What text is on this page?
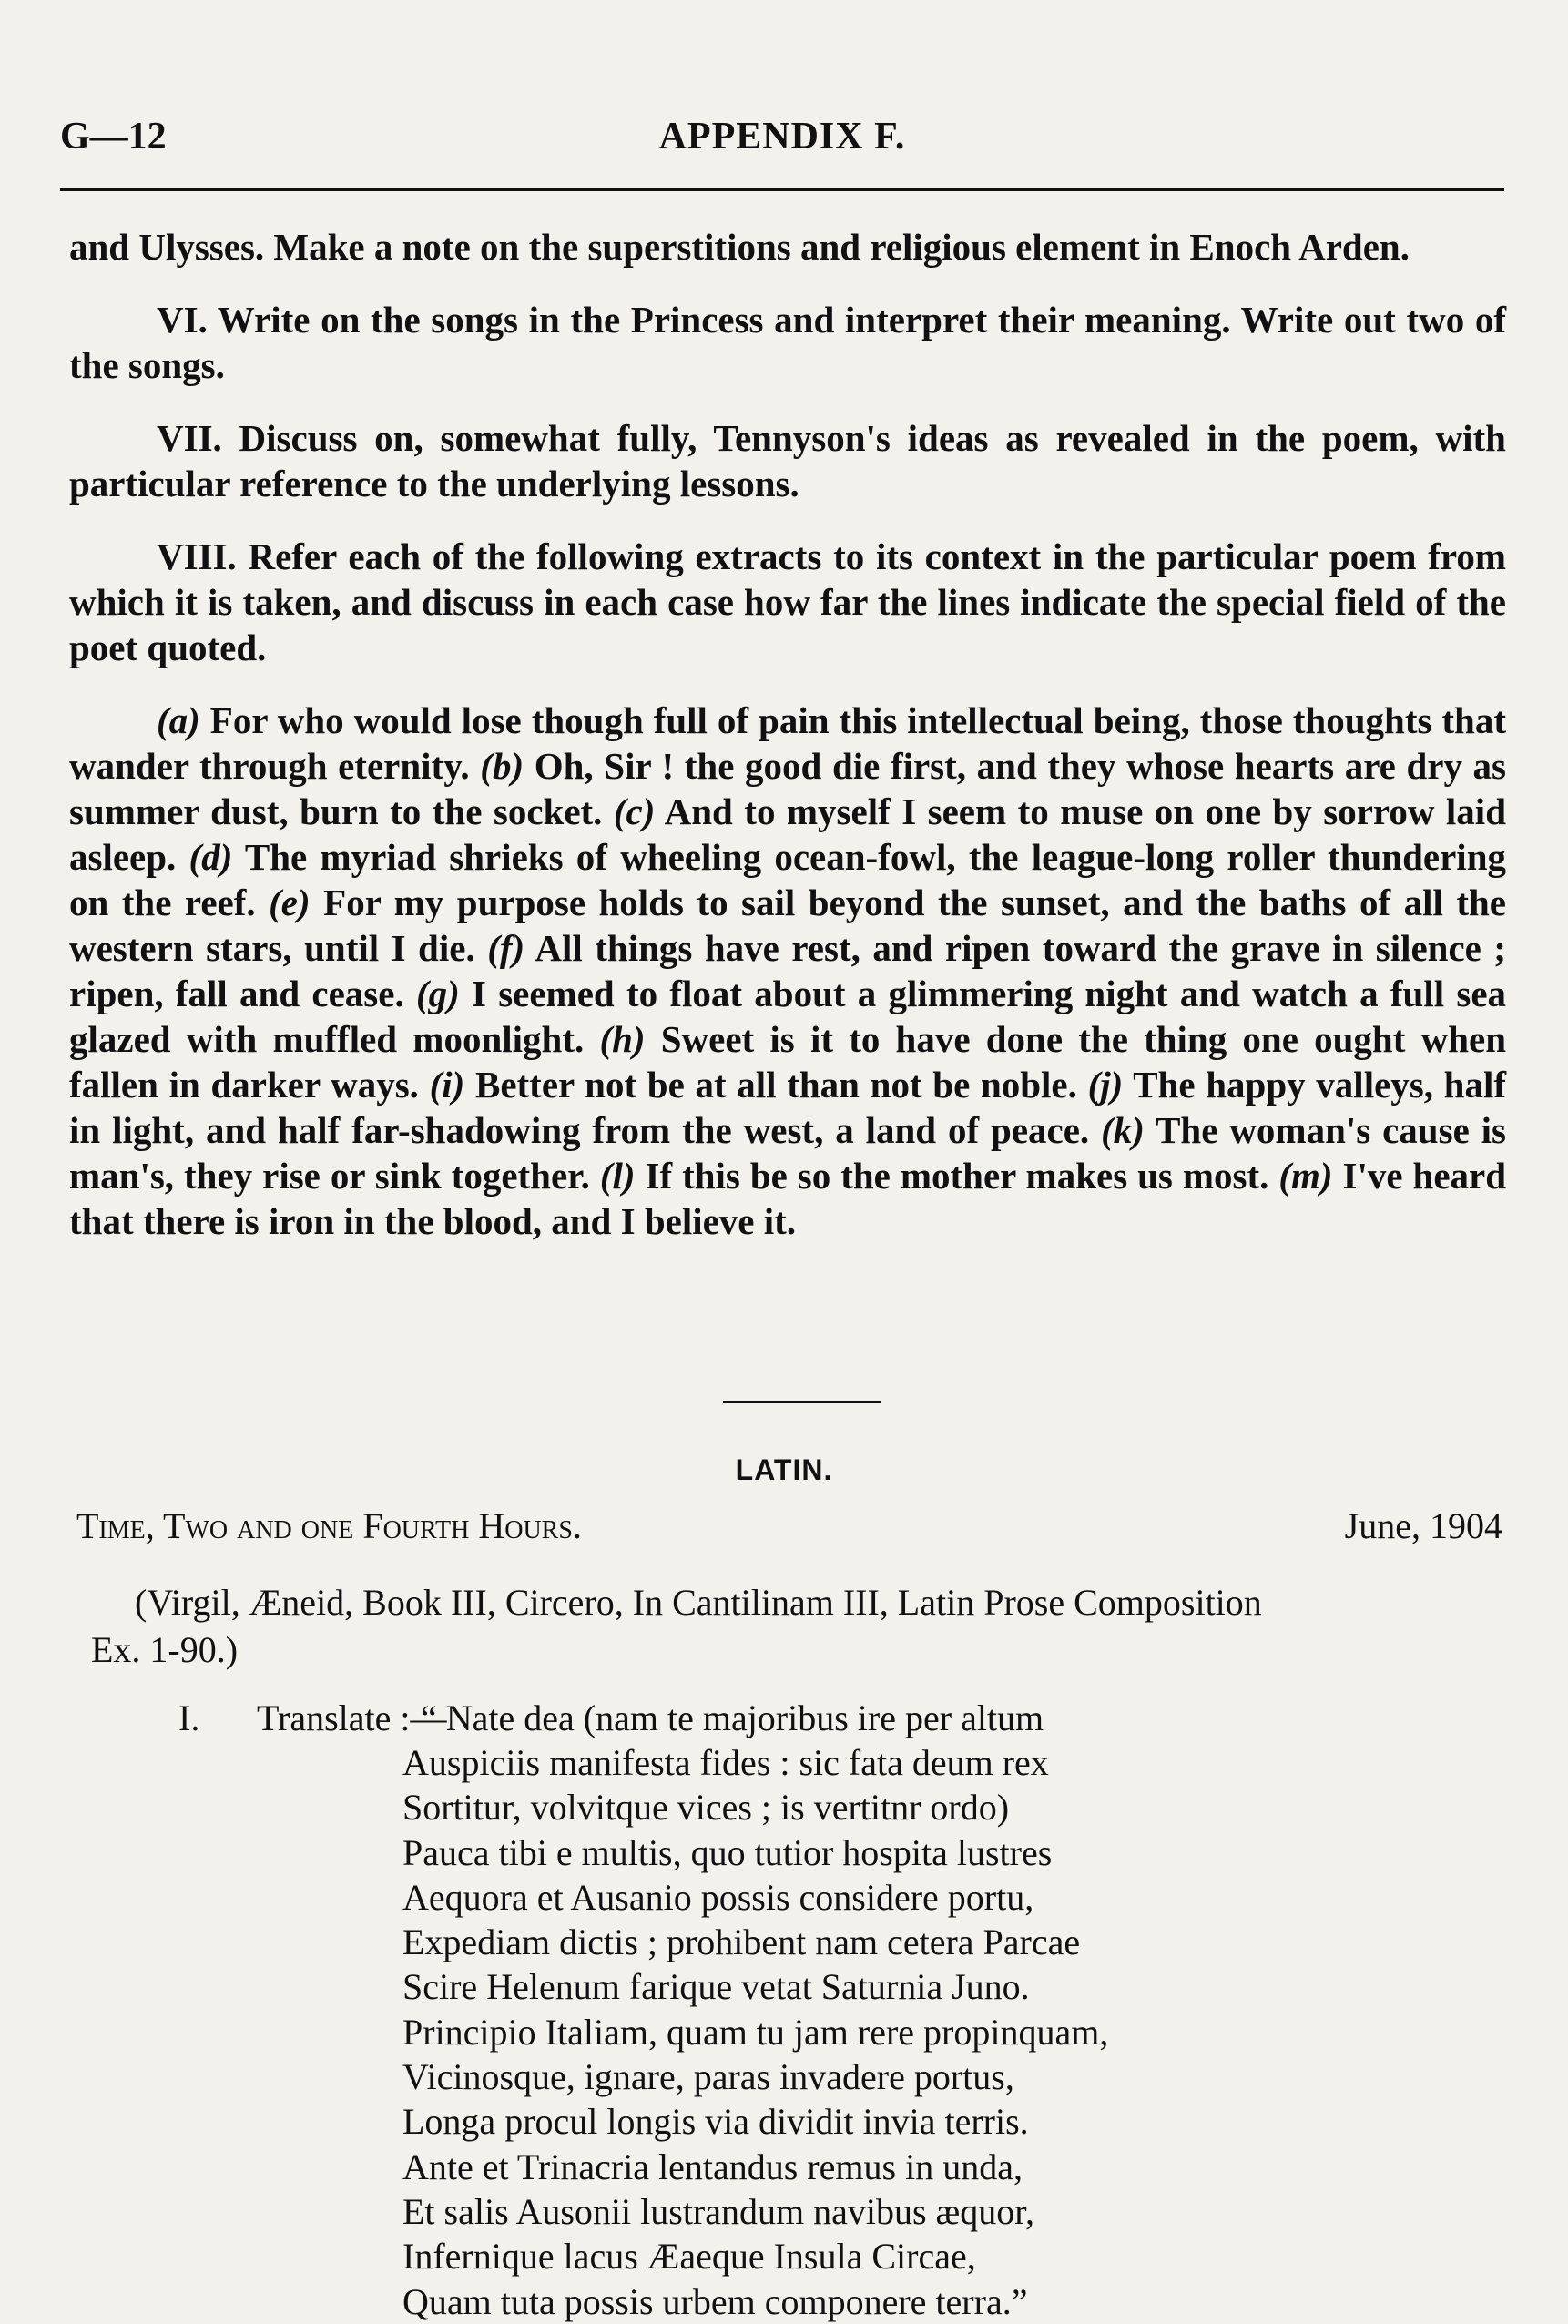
G—12	APPENDIX F.

and Ulysses. Make a note on the superstitions and religious element in Enoch Arden.

VI. Write on the songs in the Princess and interpret their meaning. Write out two of the songs.

VII. Discuss on, somewhat fully, Tennyson's ideas as revealed in the poem, with particular reference to the underlying lessons.

VIII. Refer each of the following extracts to its context in the particular poem from which it is taken, and discuss in each case how far the lines indicate the special field of the poet quoted.

(a) For who would lose though full of pain this intellectual being, those thoughts that wander through eternity. (b) Oh, Sir ! the good die first, and they whose hearts are dry as summer dust, burn to the socket. (c) And to myself I seem to muse on one by sorrow laid asleep. (d) The myriad shrieks of wheeling ocean-fowl, the league-long roller thundering on the reef. (e) For my purpose holds to sail beyond the sunset, and the baths of all the western stars, until I die. (f) All things have rest, and ripen toward the grave in silence ; ripen, fall and cease. (g) I seemed to float about a glimmering night and watch a full sea glazed with muffled moonlight. (h) Sweet is it to have done the thing one ought when fallen in darker ways. (i) Better not be at all than not be noble. (j) The happy valleys, half in light, and half far-shadowing from the west, a land of peace. (k) The woman's cause is man's, they rise or sink together. (l) If this be so the mother makes us most. (m) I've heard that there is iron in the blood, and I believe it.

LATIN.
Time, Two and one Fourth Hours.	June, 1904
(Virgil, Æneid, Book III, Circero, In Cantilinam III, Latin Prose Composition
Ex. 1-90.)
I. Translate :—
“ Nate dea (nam te majoribus ire per altum
Auspiciis manifesta fides : sic fata deum rex
Sortitur, volvitque vices ; is vertitnr ordo)
Pauca tibi e multis, quo tutior hospita lustres
Aequora et Ausanio possis considere portu,
Expediam dictis ; prohibent nam cetera Parcae
Scire Helenum farique vetat Saturnia Juno.
Principio Italiam, quam tu jam rere propinquam,
Vicinosque, ignare, paras invadere portus,
Longa procul longis via dividit invia terris.
Ante et Trinacria lentandus remus in unda,
Et salis Ausonii lustrandum navibus æquor,
Infernique lacus Æaeque Insula Circae,
Quam tuta possis urbem componere terra.”
